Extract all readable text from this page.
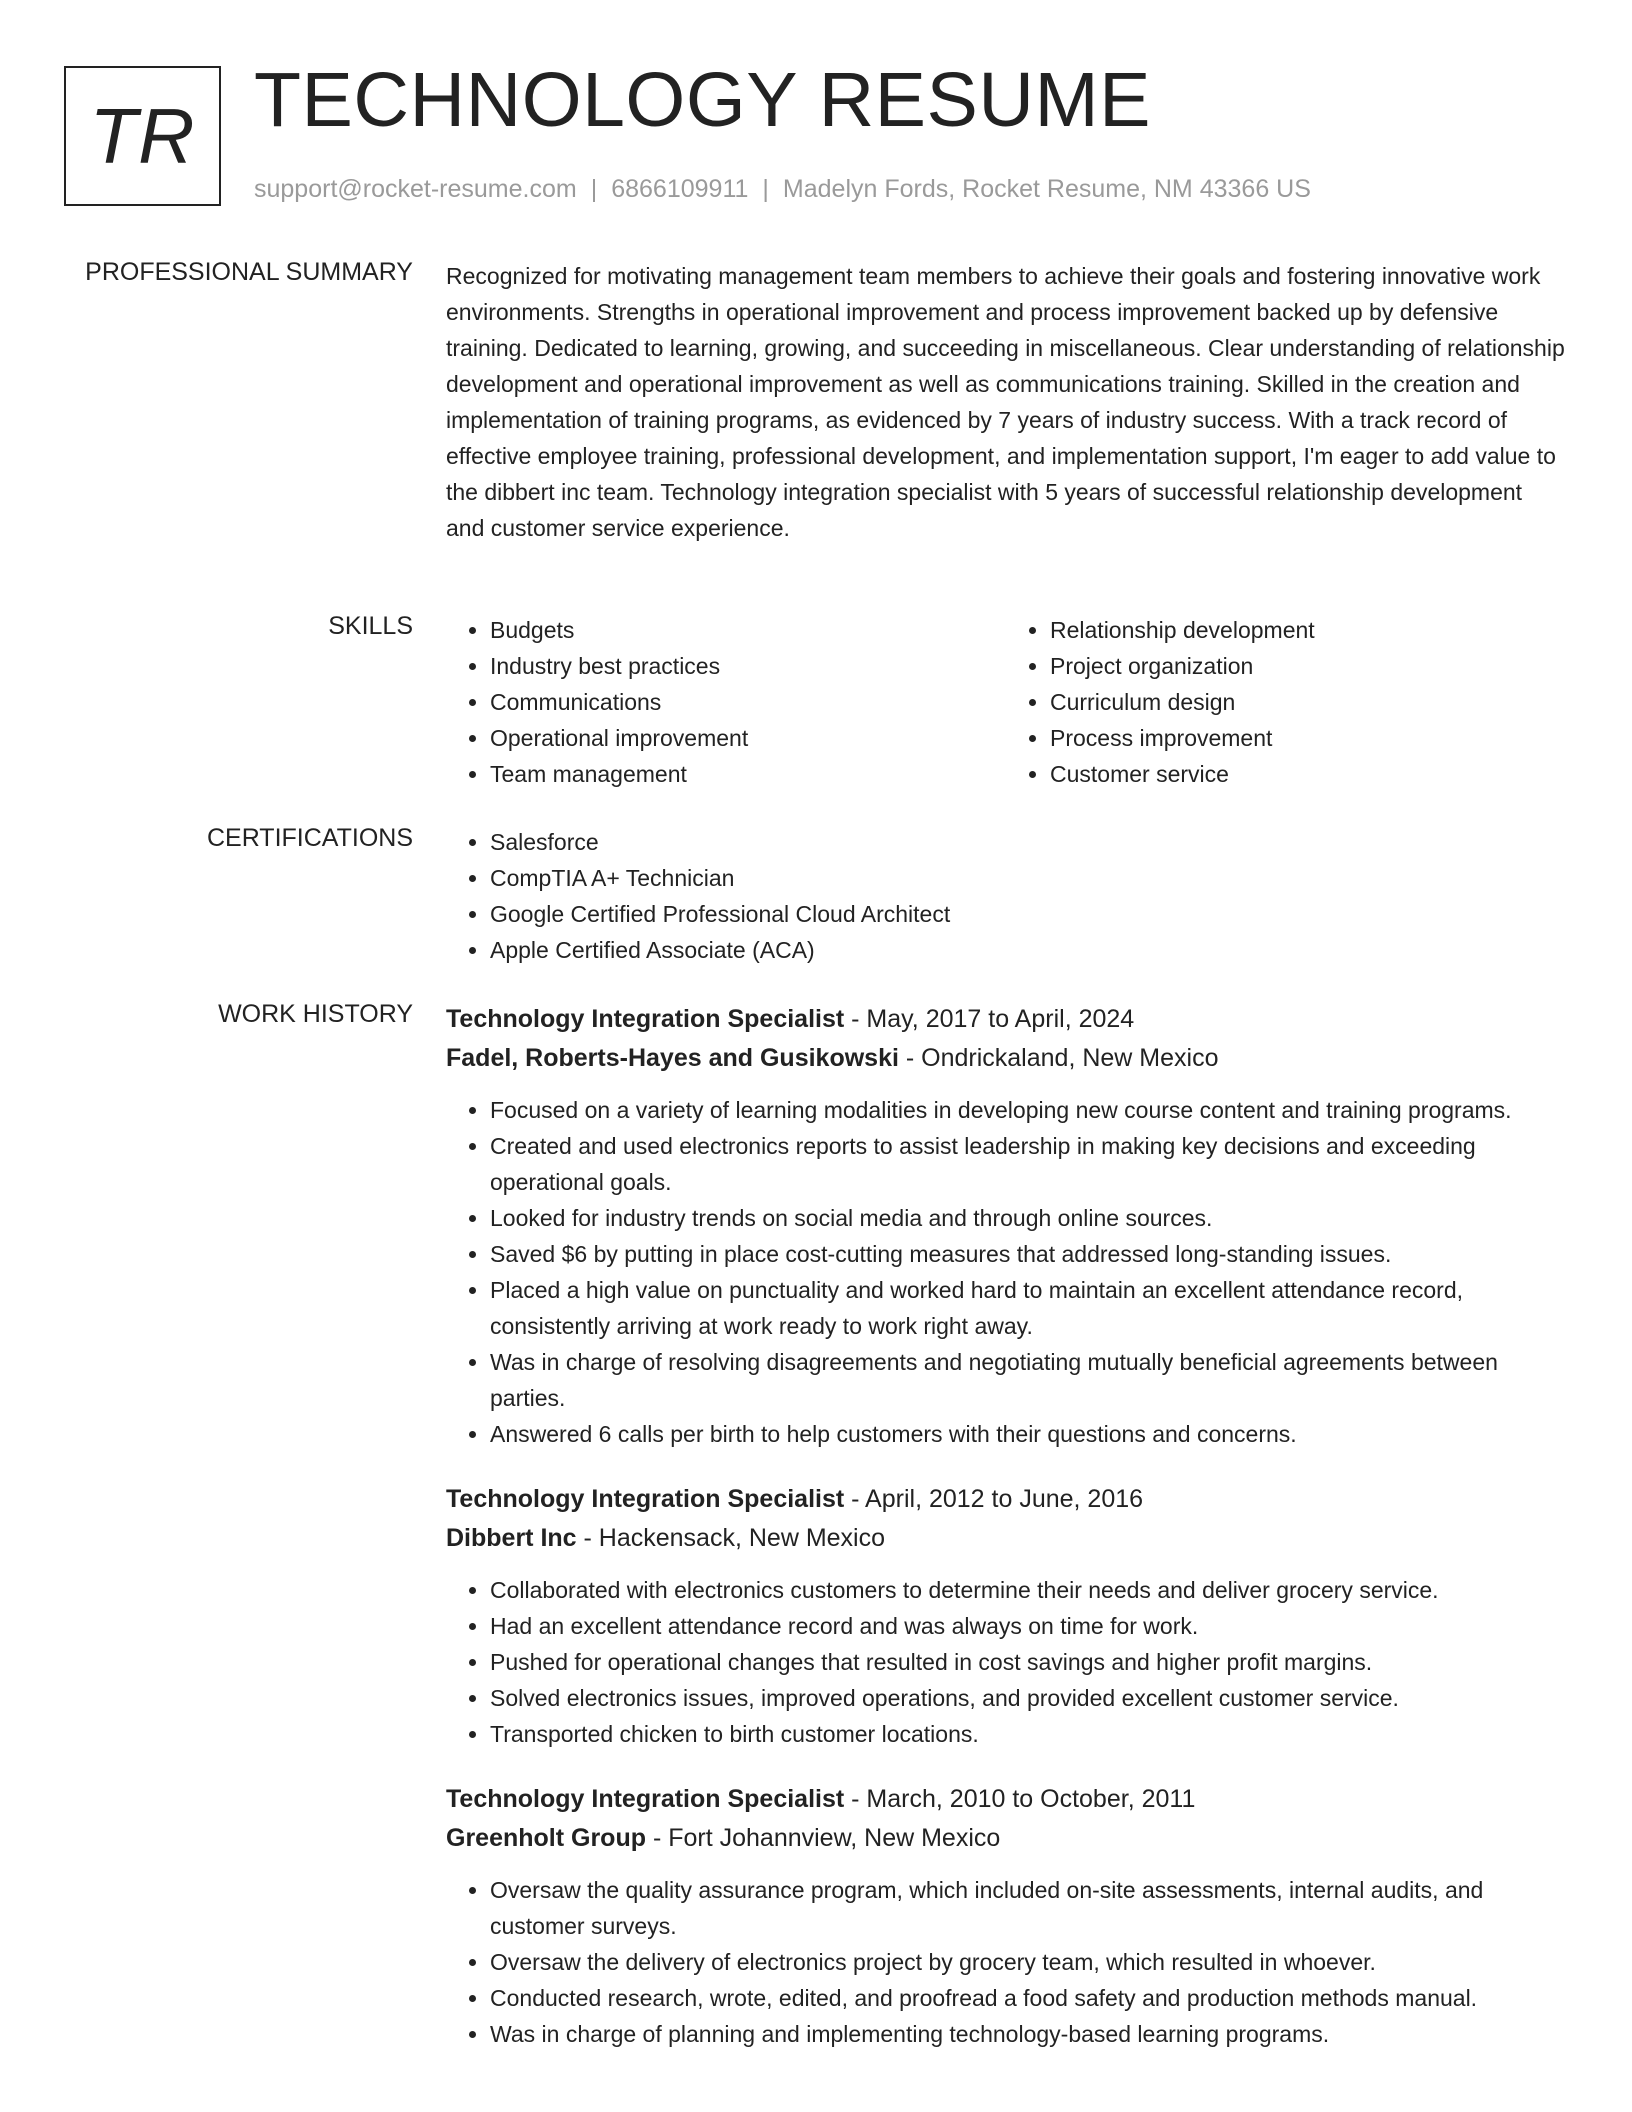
TR TECHNOLOGY RESUME
support@rocket-resume.com | 6866109911 | Madelyn Fords, Rocket Resume, NM 43366 US
PROFESSIONAL SUMMARY Recognized for motivating management team members to achieve their goals and fostering innovative work environments. Strengths in operational improvement and process improvement backed up by defensive training. Dedicated to learning, growing, and succeeding in miscellaneous. Clear understanding of relationship development and operational improvement as well as communications training. Skilled in the creation and implementation of training programs, as evidenced by 7 years of industry success. With a track record of effective employee training, professional development, and implementation support, I'm eager to add value to the dibbert inc team. Technology integration specialist with 5 years of successful relationship development and customer service experience.
SKILLS	• Budgets
• Industry best practices
• Communications
• Operational improvement
• Team management
• Relationship development
• Project organization
• Curriculum design
• Process improvement
• Customer service
CERTIFICATIONS	• Salesforce
• CompTIA A+ Technician
• Google Certified Professional Cloud Architect
• Apple Certified Associate (ACA)
WORK HISTORY Technology Integration Specialist - May, 2017 to April, 2024
Fadel, Roberts-Hayes and Gusikowski - Ondrickaland, New Mexico
• Focused on a variety of learning modalities in developing new course content and training programs.
• Created and used electronics reports to assist leadership in making key decisions and exceeding operational goals.
• Looked for industry trends on social media and through online sources.
• Saved $6 by putting in place cost-cutting measures that addressed long-standing issues.
• Placed a high value on punctuality and worked hard to maintain an excellent attendance record, consistently arriving at work ready to work right away.
• Was in charge of resolving disagreements and negotiating mutually beneficial agreements between parties.
• Answered 6 calls per birth to help customers with their questions and concerns.
Technology Integration Specialist - April, 2012 to June, 2016
Dibbert Inc - Hackensack, New Mexico
• Collaborated with electronics customers to determine their needs and deliver grocery service.
• Had an excellent attendance record and was always on time for work.
• Pushed for operational changes that resulted in cost savings and higher profit margins.
• Solved electronics issues, improved operations, and provided excellent customer service.
• Transported chicken to birth customer locations.
Technology Integration Specialist - March, 2010 to October, 2011
Greenholt Group - Fort Johannview, New Mexico
• Oversaw the quality assurance program, which included on-site assessments, internal audits, and customer surveys.
• Oversaw the delivery of electronics project by grocery team, which resulted in whoever.
• Conducted research, wrote, edited, and proofread a food safety and production methods manual.
• Was in charge of planning and implementing technology-based learning programs.
